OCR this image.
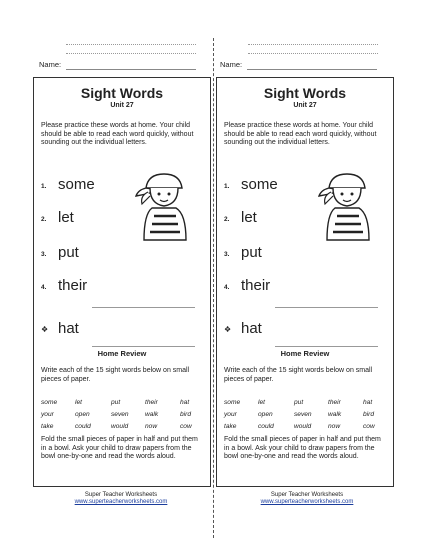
Name:
Sight Words
Unit 27
Please practice these words at home. Your child should be able to read each word quickly, without sounding out the individual letters.
1. some
2. let
3. put
4. their
❖ hat
Home Review
Write each of the 15 sight words below on small pieces of paper.
some	let	put	their	hat
your	open	seven walk	bird
take	could	would	now	cow
Fold the small pieces of paper in half and put them in a bowl. Ask your child to draw papers from the bowl one-by-one and read the words aloud.
Super Teacher Worksheets
www.superteacherworksheets.com
Name:
Sight Words
Unit 27
Please practice these words at home. Your child should be able to read each word quickly, without sounding out the individual letters.
1. some
2. let
3. put
4. their
❖ hat
Home Review
Write each of the 15 sight words below on small pieces of paper.
some	let	put	their	hat
your	open	seven walk	bird
take	could	would	now	cow
Fold the small pieces of paper in half and put them in a bowl. Ask your child to draw papers from the bowl one-by-one and read the words aloud.
Super Teacher Worksheets
www.superteacherworksheets.com
